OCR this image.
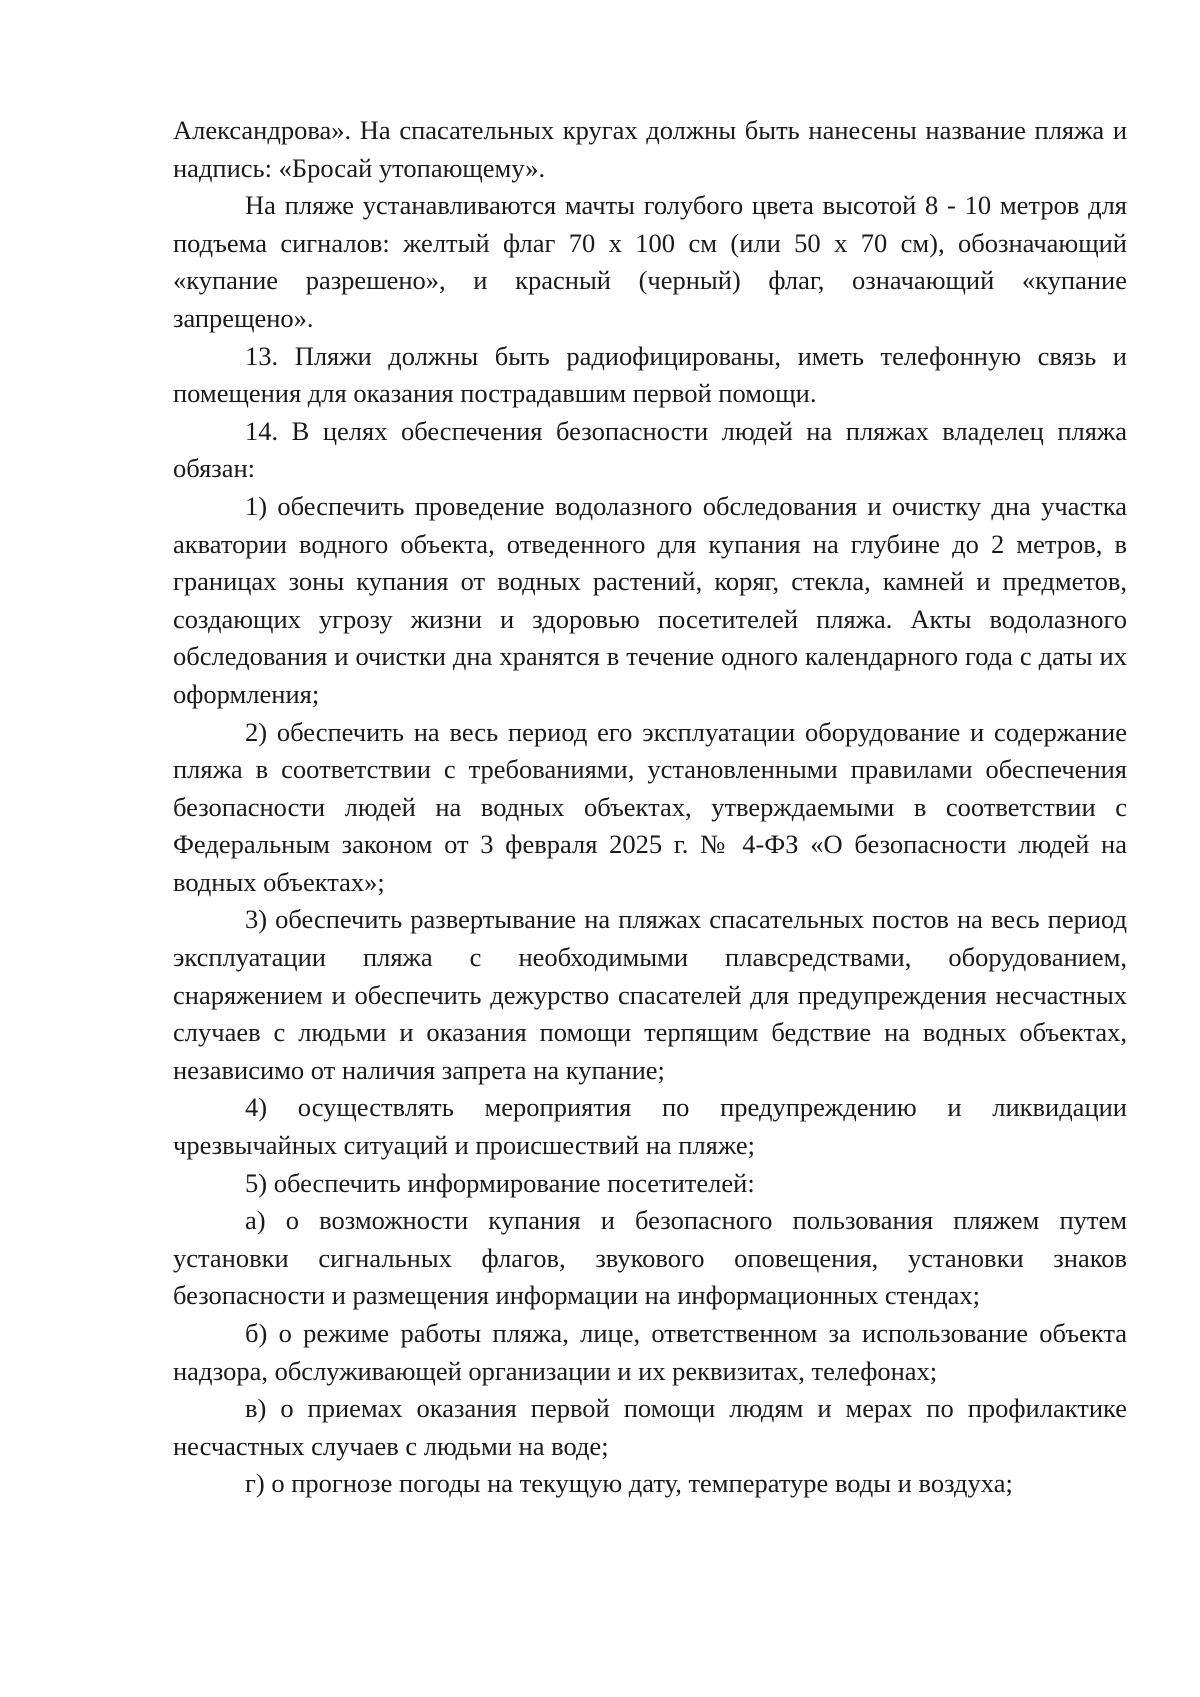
Александрова». На спасательных кругах должны быть нанесены название пляжа и надпись: «Бросай утопающему».

На пляже устанавливаются мачты голубого цвета высотой 8 - 10 метров для подъема сигналов: желтый флаг 70 х 100 см (или 50 х 70 см), обозначающий «купание разрешено», и красный (черный) флаг, означающий «купание запрещено».

13. Пляжи должны быть радиофицированы, иметь телефонную связь и помещения для оказания пострадавшим первой помощи.

14. В целях обеспечения безопасности людей на пляжах владелец пляжа обязан:

1) обеспечить проведение водолазного обследования и очистку дна участка акватории водного объекта, отведенного для купания на глубине до 2 метров, в границах зоны купания от водных растений, коряг, стекла, камней и предметов, создающих угрозу жизни и здоровью посетителей пляжа. Акты водолазного обследования и очистки дна хранятся в течение одного календарного года с даты их оформления;

2) обеспечить на весь период его эксплуатации оборудование и содержание пляжа в соответствии с требованиями, установленными правилами обеспечения безопасности людей на водных объектах, утверждаемыми в соответствии с Федеральным законом от 3 февраля 2025 г. № 4-ФЗ «О безопасности людей на водных объектах»;

3) обеспечить развертывание на пляжах спасательных постов на весь период эксплуатации пляжа с необходимыми плавсредствами, оборудованием, снаряжением и обеспечить дежурство спасателей для предупреждения несчастных случаев с людьми и оказания помощи терпящим бедствие на водных объектах, независимо от наличия запрета на купание;

4) осуществлять мероприятия по предупреждению и ликвидации чрезвычайных ситуаций и происшествий на пляже;

5) обеспечить информирование посетителей:

а) о возможности купания и безопасного пользования пляжем путем установки сигнальных флагов, звукового оповещения, установки знаков безопасности и размещения информации на информационных стендах;

б) о режиме работы пляжа, лице, ответственном за использование объекта надзора, обслуживающей организации и их реквизитах, телефонах;

в) о приемах оказания первой помощи людям и мерах по профилактике несчастных случаев с людьми на воде;

г) о прогнозе погоды на текущую дату, температуре воды и воздуха;
